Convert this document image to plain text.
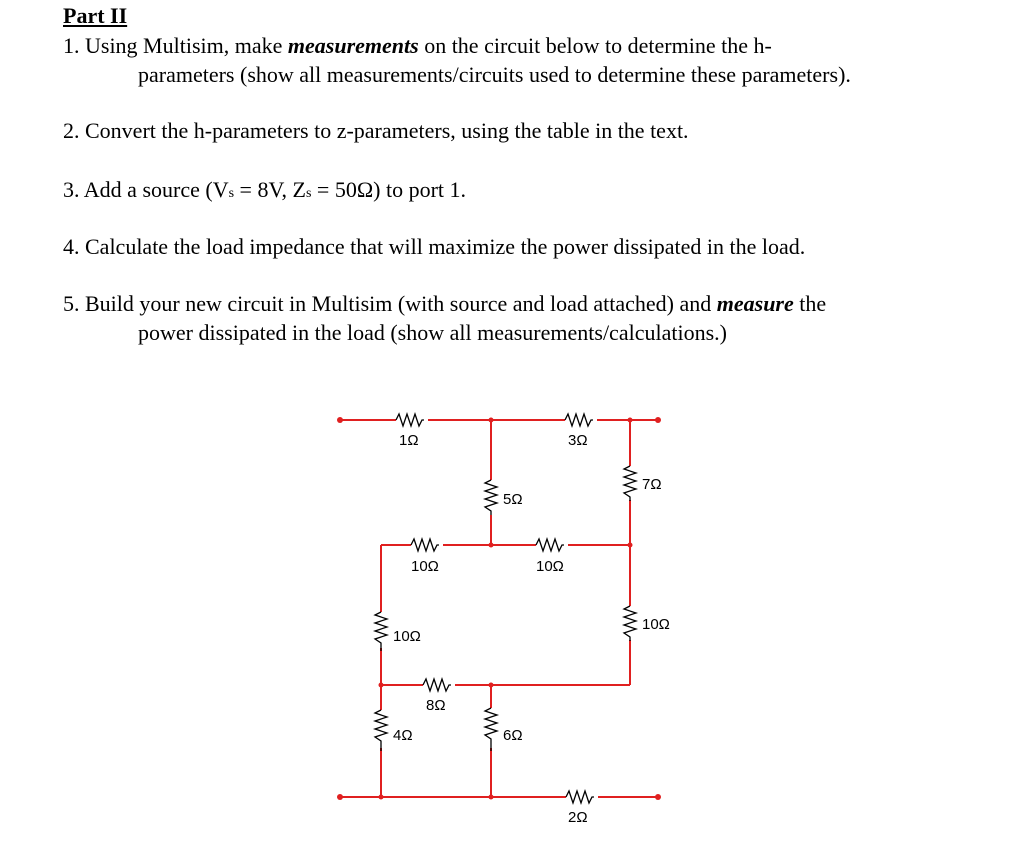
Part II
1. Using Multisim, make measurements on the circuit below to determine the h-
parameters (show all measurements/circuits used to determine these parameters).
2. Convert the h-parameters to z-parameters, using the table in the text.
3. Add a source (Vs = 8V, Zs = 50Ω) to port 1.
4. Calculate the load impedance that will maximize the power dissipated in the load.
5. Build your new circuit in Multisim (with source and load attached) and measure the
power dissipated in the load (show all measurements/calculations.)
1Ω	3Ω
5Ω
7Ω
10Ω	10Ω
10Ω
10Ω
8Ω
4Ω	6Ω
2Ω
